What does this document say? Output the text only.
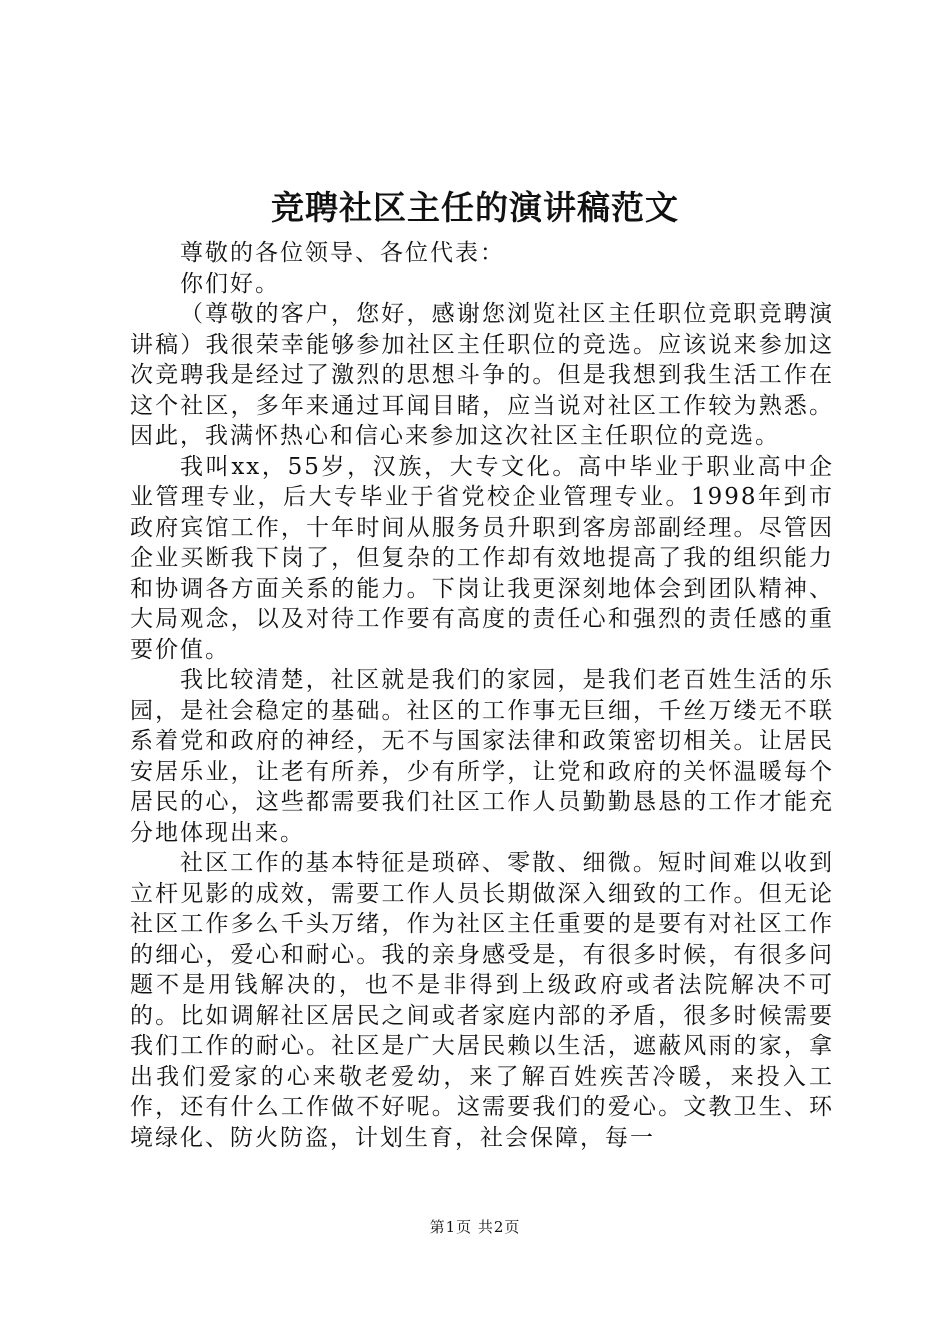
竞聘社区主任的演讲稿范文

尊敬的各位领导、各位代表：

你们好。

（尊敬的客户，您好，感谢您浏览社区主任职位竞职竞聘演讲稿）我很荣幸能够参加社区主任职位的竞选。应该说来参加这次竞聘我是经过了激烈的思想斗争的。但是我想到我生活工作在这个社区，多年来通过耳闻目睹，应当说对社区工作较为熟悉。因此，我满怀热心和信心来参加这次社区主任职位的竞选。

我叫xx，55岁，汉族，大专文化。高中毕业于职业高中企业管理专业，后大专毕业于省党校企业管理专业。1998年到市政府宾馆工作，十年时间从服务员升职到客房部副经理。尽管因企业买断我下岗了，但复杂的工作却有效地提高了我的组织能力和协调各方面关系的能力。下岗让我更深刻地体会到团队精神、大局观念，以及对待工作要有高度的责任心和强烈的责任感的重要价值。

我比较清楚，社区就是我们的家园，是我们老百姓生活的乐园，是社会稳定的基础。社区的工作事无巨细，千丝万缕无不联系着党和政府的神经，无不与国家法律和政策密切相关。让居民安居乐业，让老有所养，少有所学，让党和政府的关怀温暖每个居民的心，这些都需要我们社区工作人员勤勤恳恳的工作才能充分地体现出来。

社区工作的基本特征是琐碎、零散、细微。短时间难以收到立杆见影的成效，需要工作人员长期做深入细致的工作。但无论社区工作多么千头万绪，作为社区主任重要的是要有对社区工作的细心，爱心和耐心。我的亲身感受是，有很多时候，有很多问题不是用钱解决的，也不是非得到上级政府或者法院解决不可的。比如调解社区居民之间或者家庭内部的矛盾，很多时候需要我们工作的耐心。社区是广大居民赖以生活，遮蔽风雨的家，拿出我们爱家的心来敬老爱幼，来了解百姓疾苦冷暖，来投入工作，还有什么工作做不好呢。这需要我们的爱心。文教卫生、环境绿化、防火防盗，计划生育，社会保障，每一

第1页 共2页
